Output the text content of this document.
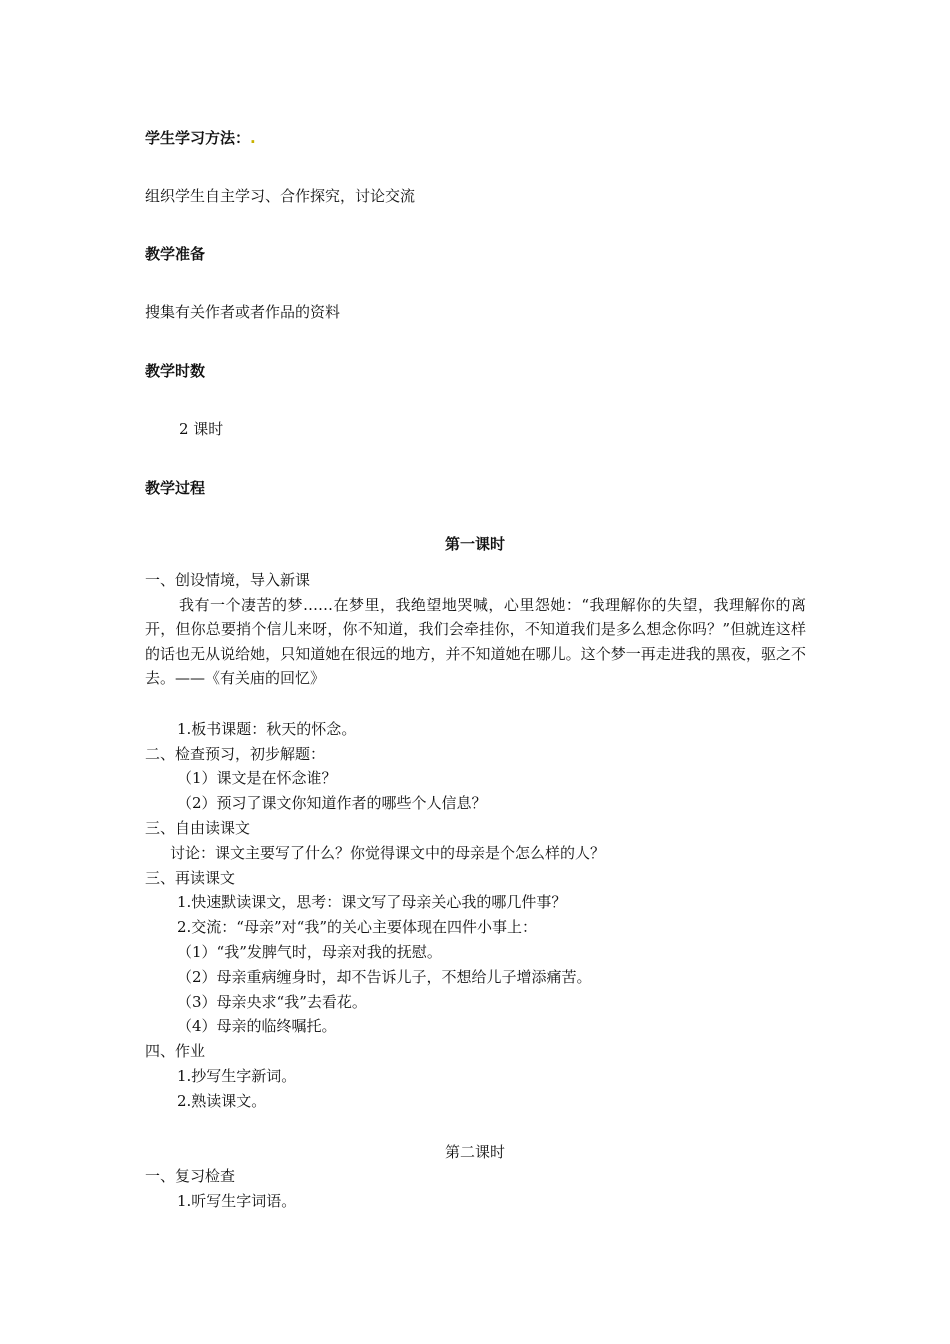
学生学习方法：.
组织学生自主学习、合作探究，讨论交流
教学准备
搜集有关作者或者作品的资料
教学时数
2 课时
教学过程
第一课时
一、创设情境，导入新课
我有一个凄苦的梦……在梦里，我绝望地哭喊，心里怨她：“我理解你的失望，我理解你的离开，但你总要捎个信儿来呀，你不知道，我们会牵挂你，不知道我们是多么想念你吗？”但就连这样的话也无从说给她，只知道她在很远的地方，并不知道她在哪儿。这个梦一再走进我的黑夜，驱之不去。——《有关庙的回忆》
1.板书课题：秋天的怀念。
二、检查预习，初步解题：
（1）课文是在怀念谁？
（2）预习了课文你知道作者的哪些个人信息？
三、自由读课文
讨论：课文主要写了什么？你觉得课文中的母亲是个怎么样的人？
三、再读课文
1.快速默读课文，思考：课文写了母亲关心我的哪几件事？
2.交流：“母亲”对“我”的关心主要体现在四件小事上：
（1）“我”发脾气时，母亲对我的抚慰。
（2）母亲重病缠身时，却不告诉儿子，不想给儿子增添痛苦。
（3）母亲央求“我”去看花。
（4）母亲的临终嘱托。
四、作业
1.抄写生字新词。
2.熟读课文。
第二课时
一、复习检查
1.听写生字词语。
